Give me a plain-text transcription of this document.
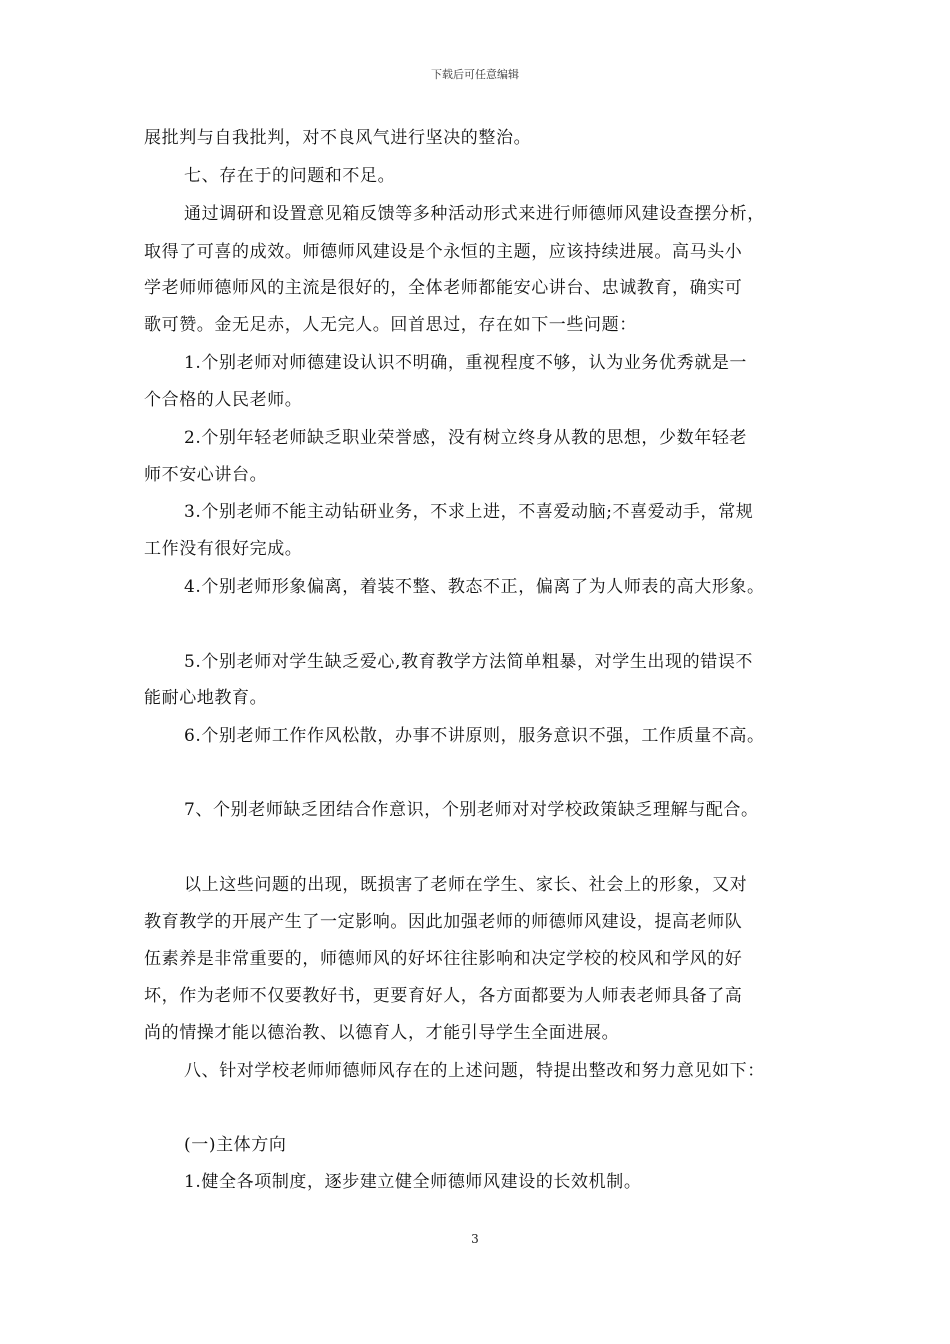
下载后可任意编辑
展批判与自我批判，对不良风气进行坚决的整治。
七、存在于的问题和不足。
通过调研和设置意见箱反馈等多种活动形式来进行师德师风建设查摆分析，
取得了可喜的成效。师德师风建设是个永恒的主题，应该持续进展。高马头小
学老师师德师风的主流是很好的，全体老师都能安心讲台、忠诚教育，确实可
歌可赞。金无足赤，人无完人。回首思过，存在如下一些问题：
1.个别老师对师德建设认识不明确，重视程度不够，认为业务优秀就是一
个合格的人民老师。
2.个别年轻老师缺乏职业荣誉感，没有树立终身从教的思想，少数年轻老
师不安心讲台。
3.个别老师不能主动钻研业务，不求上进，不喜爱动脑;不喜爱动手，常规
工作没有很好完成。
4.个别老师形象偏离，着装不整、教态不正，偏离了为人师表的高大形象。
5.个别老师对学生缺乏爱心,教育教学方法简单粗暴，对学生出现的错误不
能耐心地教育。
6.个别老师工作作风松散，办事不讲原则，服务意识不强，工作质量不高。
7、个别老师缺乏团结合作意识，个别老师对对学校政策缺乏理解与配合。
以上这些问题的出现，既损害了老师在学生、家长、社会上的形象，又对
教育教学的开展产生了一定影响。因此加强老师的师德师风建设，提高老师队
伍素养是非常重要的，师德师风的好坏往往影响和决定学校的校风和学风的好
坏，作为老师不仅要教好书，更要育好人，各方面都要为人师表老师具备了高
尚的情操才能以德治教、以德育人，才能引导学生全面进展。
八、针对学校老师师德师风存在的上述问题，特提出整改和努力意见如下：
(一)主体方向
1.健全各项制度，逐步建立健全师德师风建设的长效机制。
3
